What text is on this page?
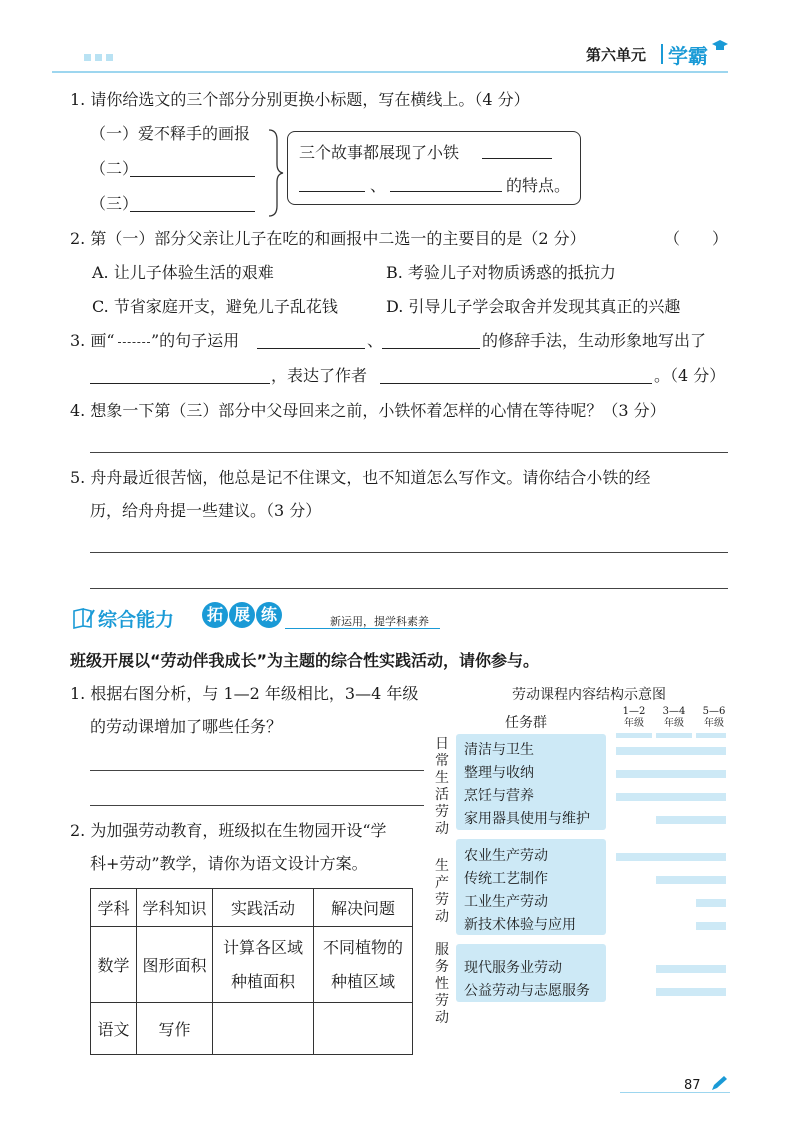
第六单元 学霸
1. 请你给选文的三个部分分别更换小标题，写在横线上。（4 分）
（一）爱不释手的画报
（二）
（三）
三个故事都展现了小铁
、	的特点。
2. 第（一）部分父亲让儿子在吃的和画报中二选一的主要目的是（2 分）	（　　）
A. 让儿子体验生活的艰难	B. 考验儿子对物质诱惑的抵抗力
C. 节省家庭开支，避免儿子乱花钱	D. 引导儿子学会取舍并发现其真正的兴趣
3. 画“ ”的句子运用	、	的修辞手法，生动形象地写出了
，表达了作者	。（4 分）
4. 想象一下第（三）部分中父母回来之前，小铁怀着怎样的心情在等待呢？（3 分）
5. 舟舟最近很苦恼，他总是记不住课文，也不知道怎么写作文。请你结合小铁的经
历，给舟舟提一些建议。（3 分）
综合能力	拓 展 练	新运用，提学科素养
班级开展以“劳动伴我成长”为主题的综合性实践活动，请你参与。
1. 根据右图分析，与 1—2 年级相比，3—4 年级
的劳动课增加了哪些任务？
2. 为加强劳动教育，班级拟在生物园开设“学
科+劳动”教学，请你为语文设计方案。
学科	学科知识	实践活动	解决问题
数学	图形面积	计算各区域种植面积	不同植物的种植区域
语文	写作		
劳动课程内容结构示意图
任务群
1—2
年级
3—4
年级
5—6
年级
日
常
生
活
劳
动
清洁与卫生
整理与收纳
烹饪与营养
家用器具使用与维护
生
产
劳
动
农业生产劳动
传统工艺制作
工业生产劳动
新技术体验与应用
服
务
性
劳
动
现代服务业劳动
公益劳动与志愿服务
87
